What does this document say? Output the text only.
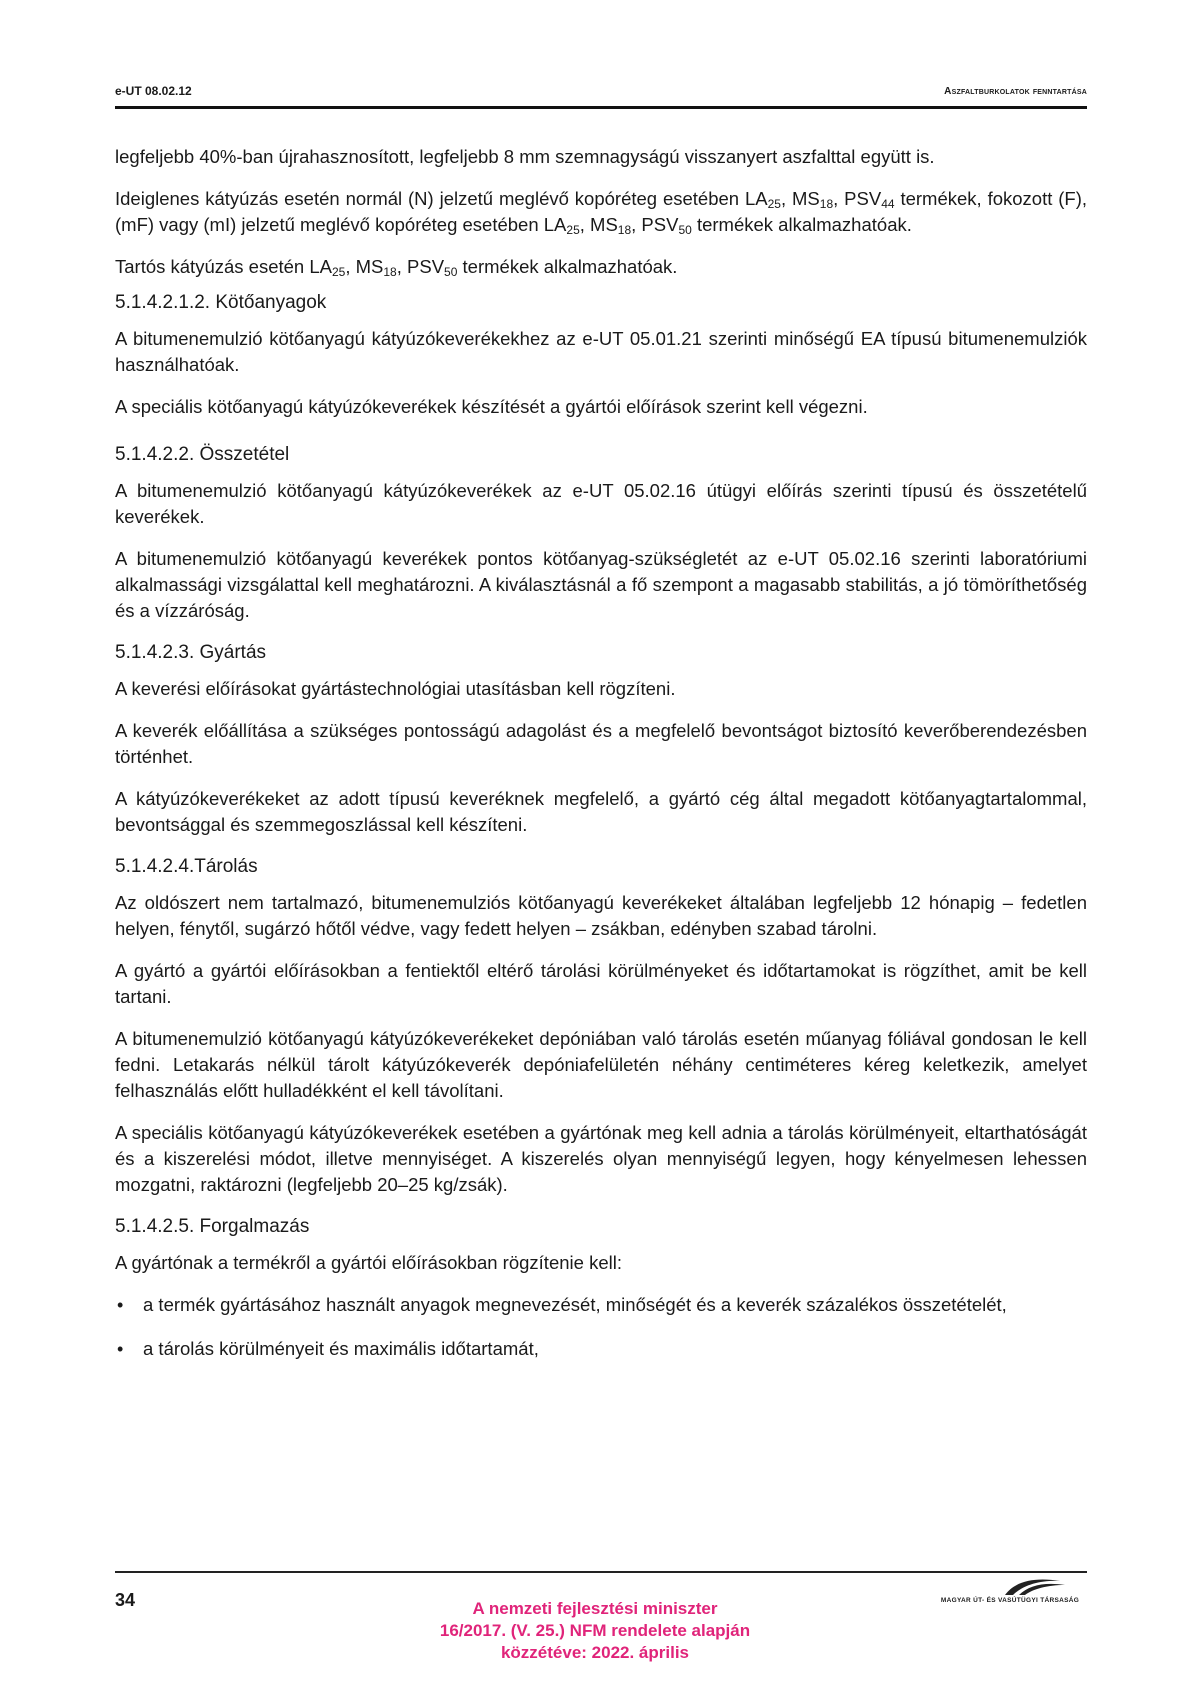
e-UT 08.02.12	Aszfaltburkolatok fenntartása

legfeljebb 40%-ban újrahasznosított, legfeljebb 8 mm szemnagyságú visszanyert aszfalttal együtt is.

Ideiglenes kátyúzás esetén normál (N) jelzetű meglévő kopóréteg esetében $LA_{25}$, $MS_{18}$, $PSV_{44}$ termékek, fokozott (F), (mF) vagy (mI) jelzetű meglévő kopóréteg esetében $LA_{25}$, $MS_{18}$, $PSV_{50}$ termékek alkalmazhatóak.

Tartós kátyúzás esetén $LA_{25}$, $MS_{18}$, $PSV_{50}$ termékek alkalmazhatóak.

5.1.4.2.1.2. Kötőanyagok

A bitumenemulzió kötőanyagú kátyúzókeverékekhez az e-UT 05.01.21 szerinti minőségű EA típusú bitumenemulziók használhatóak.

A speciális kötőanyagú kátyúzókeverékek készítését a gyártói előírások szerint kell végezni.

5.1.4.2.2. Összetétel

A bitumenemulzió kötőanyagú kátyúzókeverékek az e-UT 05.02.16 útügyi előírás szerinti típusú és összetételű keverékek.

A bitumenemulzió kötőanyagú keverékek pontos kötőanyag-szükségletét az e-UT 05.02.16 szerinti laboratóriumi alkalmassági vizsgálattal kell meghatározni. A kiválasztásnál a fő szempont a magasabb stabilitás, a jó tömöríthetőség és a vízzáróság.

5.1.4.2.3. Gyártás

A keverési előírásokat gyártástechnológiai utasításban kell rögzíteni.

A keverék előállítása a szükséges pontosságú adagolást és a megfelelő bevontságot biztosító keverőberendezésben történhet.

A kátyúzókeverékeket az adott típusú keveréknek megfelelő, a gyártó cég által megadott kötőanyagtartalommal, bevontsággal és szemmegoszlással kell készíteni.

5.1.4.2.4.Tárolás

Az oldószert nem tartalmazó, bitumenemulziós kötőanyagú keverékeket általában legfeljebb 12 hónapig – fedetlen helyen, fénytől, sugárzó hőtől védve, vagy fedett helyen – zsákban, edényben szabad tárolni.

A gyártó a gyártói előírásokban a fentiektől eltérő tárolási körülményeket és időtartamokat is rögzíthet, amit be kell tartani.

A bitumenemulzió kötőanyagú kátyúzókeverékeket depóniában való tárolás esetén műanyag fóliával gondosan le kell fedni. Letakarás nélkül tárolt kátyúzókeverék depóniafelületén néhány centiméteres kéreg keletkezik, amelyet felhasználás előtt hulladékként el kell távolítani.

A speciális kötőanyagú kátyúzókeverékek esetében a gyártónak meg kell adnia a tárolás körülményeit, eltarthatóságát és a kiszerelési módot, illetve mennyiséget. A kiszerelés olyan mennyiségű legyen, hogy kényelmesen lehessen mozgatni, raktározni (legfeljebb 20–25 kg/zsák).

5.1.4.2.5. Forgalmazás

A gyártónak a termékről a gyártói előírásokban rögzítenie kell:

• a termék gyártásához használt anyagok megnevezését, minőségét és a keverék százalékos összetételét,
• a tárolás körülményeit és maximális időtartamát,
34	A nemzeti fejlesztési miniszter
16/2017. (V. 25.) NFM rendelete alapján
közzétéve: 2022. április
MAGYAR ÚT- ÉS VASÚTÜGYI TÁRSASÁG
